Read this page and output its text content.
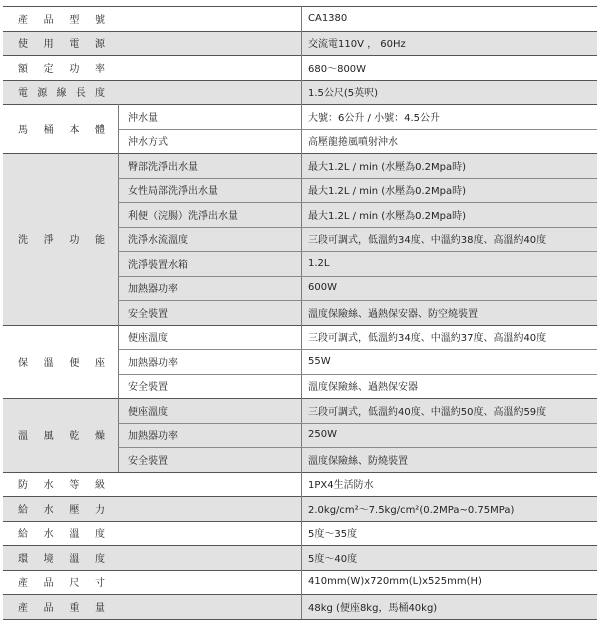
產 品 型 號	CA1380
使 用 電 源	交流電110V ， 60Hz
額 定 功 率	680～800W
電 源 線 長 度	1.5公尺(5英呎)
馬 桶 本 體
沖水量	大號：6公升 / 小號：4.5公升
沖水方式	高壓龍捲風噴射沖水
洗 淨 功 能
臀部洗淨出水量	最大1.2L / min (水壓為0.2Mpa時)
女性局部洗淨出水量	最大1.2L / min (水壓為0.2Mpa時)
利便（浣腸）洗淨出水量	最大1.2L / min (水壓為0.2Mpa時)
洗淨水流溫度	三段可調式，低溫約34度、中溫約38度、高溫約40度
洗淨裝置水箱	1.2L
加熱器功率	600W
安全裝置	溫度保險絲、過熱保安器、防空燒裝置
保 溫 便 座
便座溫度	三段可調式，低溫約34度、中溫約37度、高溫約40度
加熱器功率	55W
安全裝置	溫度保險絲、過熱保安器
溫 風 乾 燥
便座溫度	三段可調式，低溫約40度、中溫約50度、高溫約59度
加熱器功率	250W
安全裝置	溫度保險絲、防燒裝置
防 水 等 級	1PX4生活防水
給 水 壓 力	2.0kg/cm²～7.5kg/cm²(0.2MPa~0.75MPa)
給 水 溫 度	5度～35度
環 境 溫 度	5度～40度
產 品 尺 寸	410mm(W)x720mm(L)x525mm(H)
產 品 重 量	48kg (便座8kg，馬桶40kg)
